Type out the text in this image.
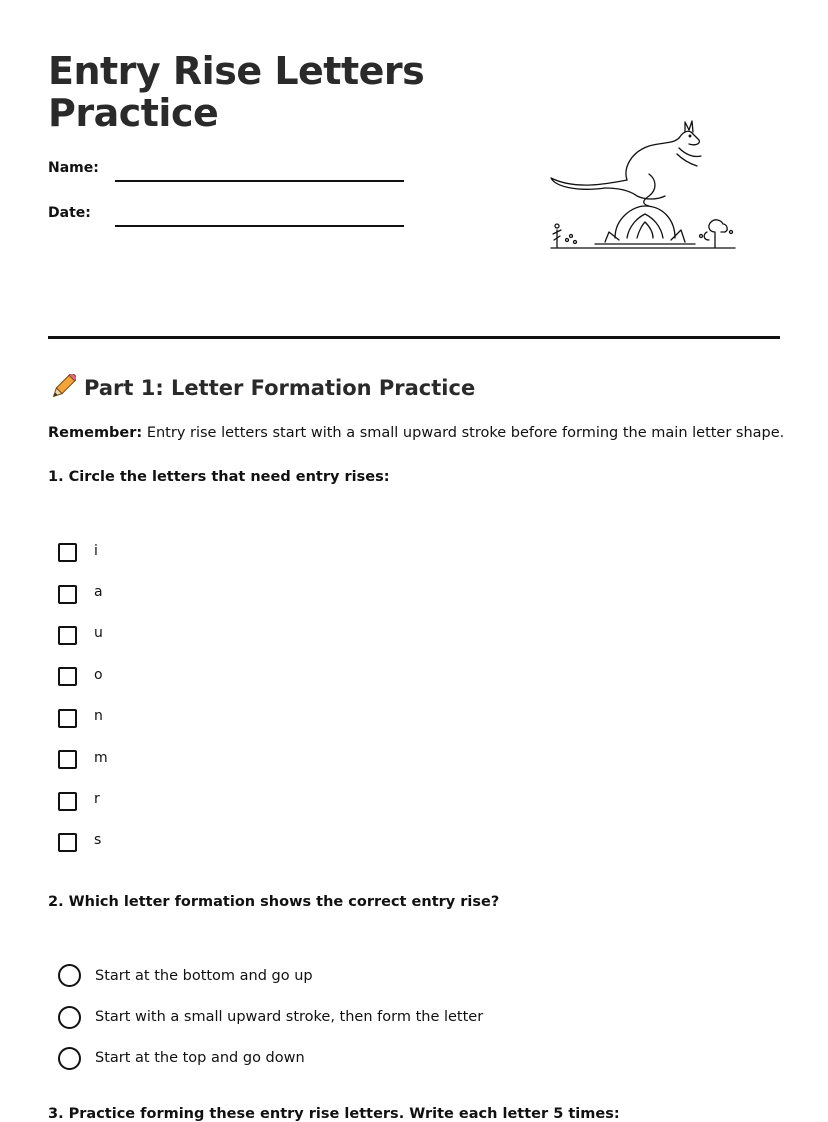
Entry Rise Letters
Practice
Name:
Date:
Part 1: Letter Formation Practice
Remember: Entry rise letters start with a small upward stroke before forming the main letter shape.
1. Circle the letters that need entry rises:
i
a
u
o
n
m
r
s
2. Which letter formation shows the correct entry rise?
Start at the bottom and go up
Start with a small upward stroke, then form the letter
Start at the top and go down
3. Practice forming these entry rise letters. Write each letter 5 times:
